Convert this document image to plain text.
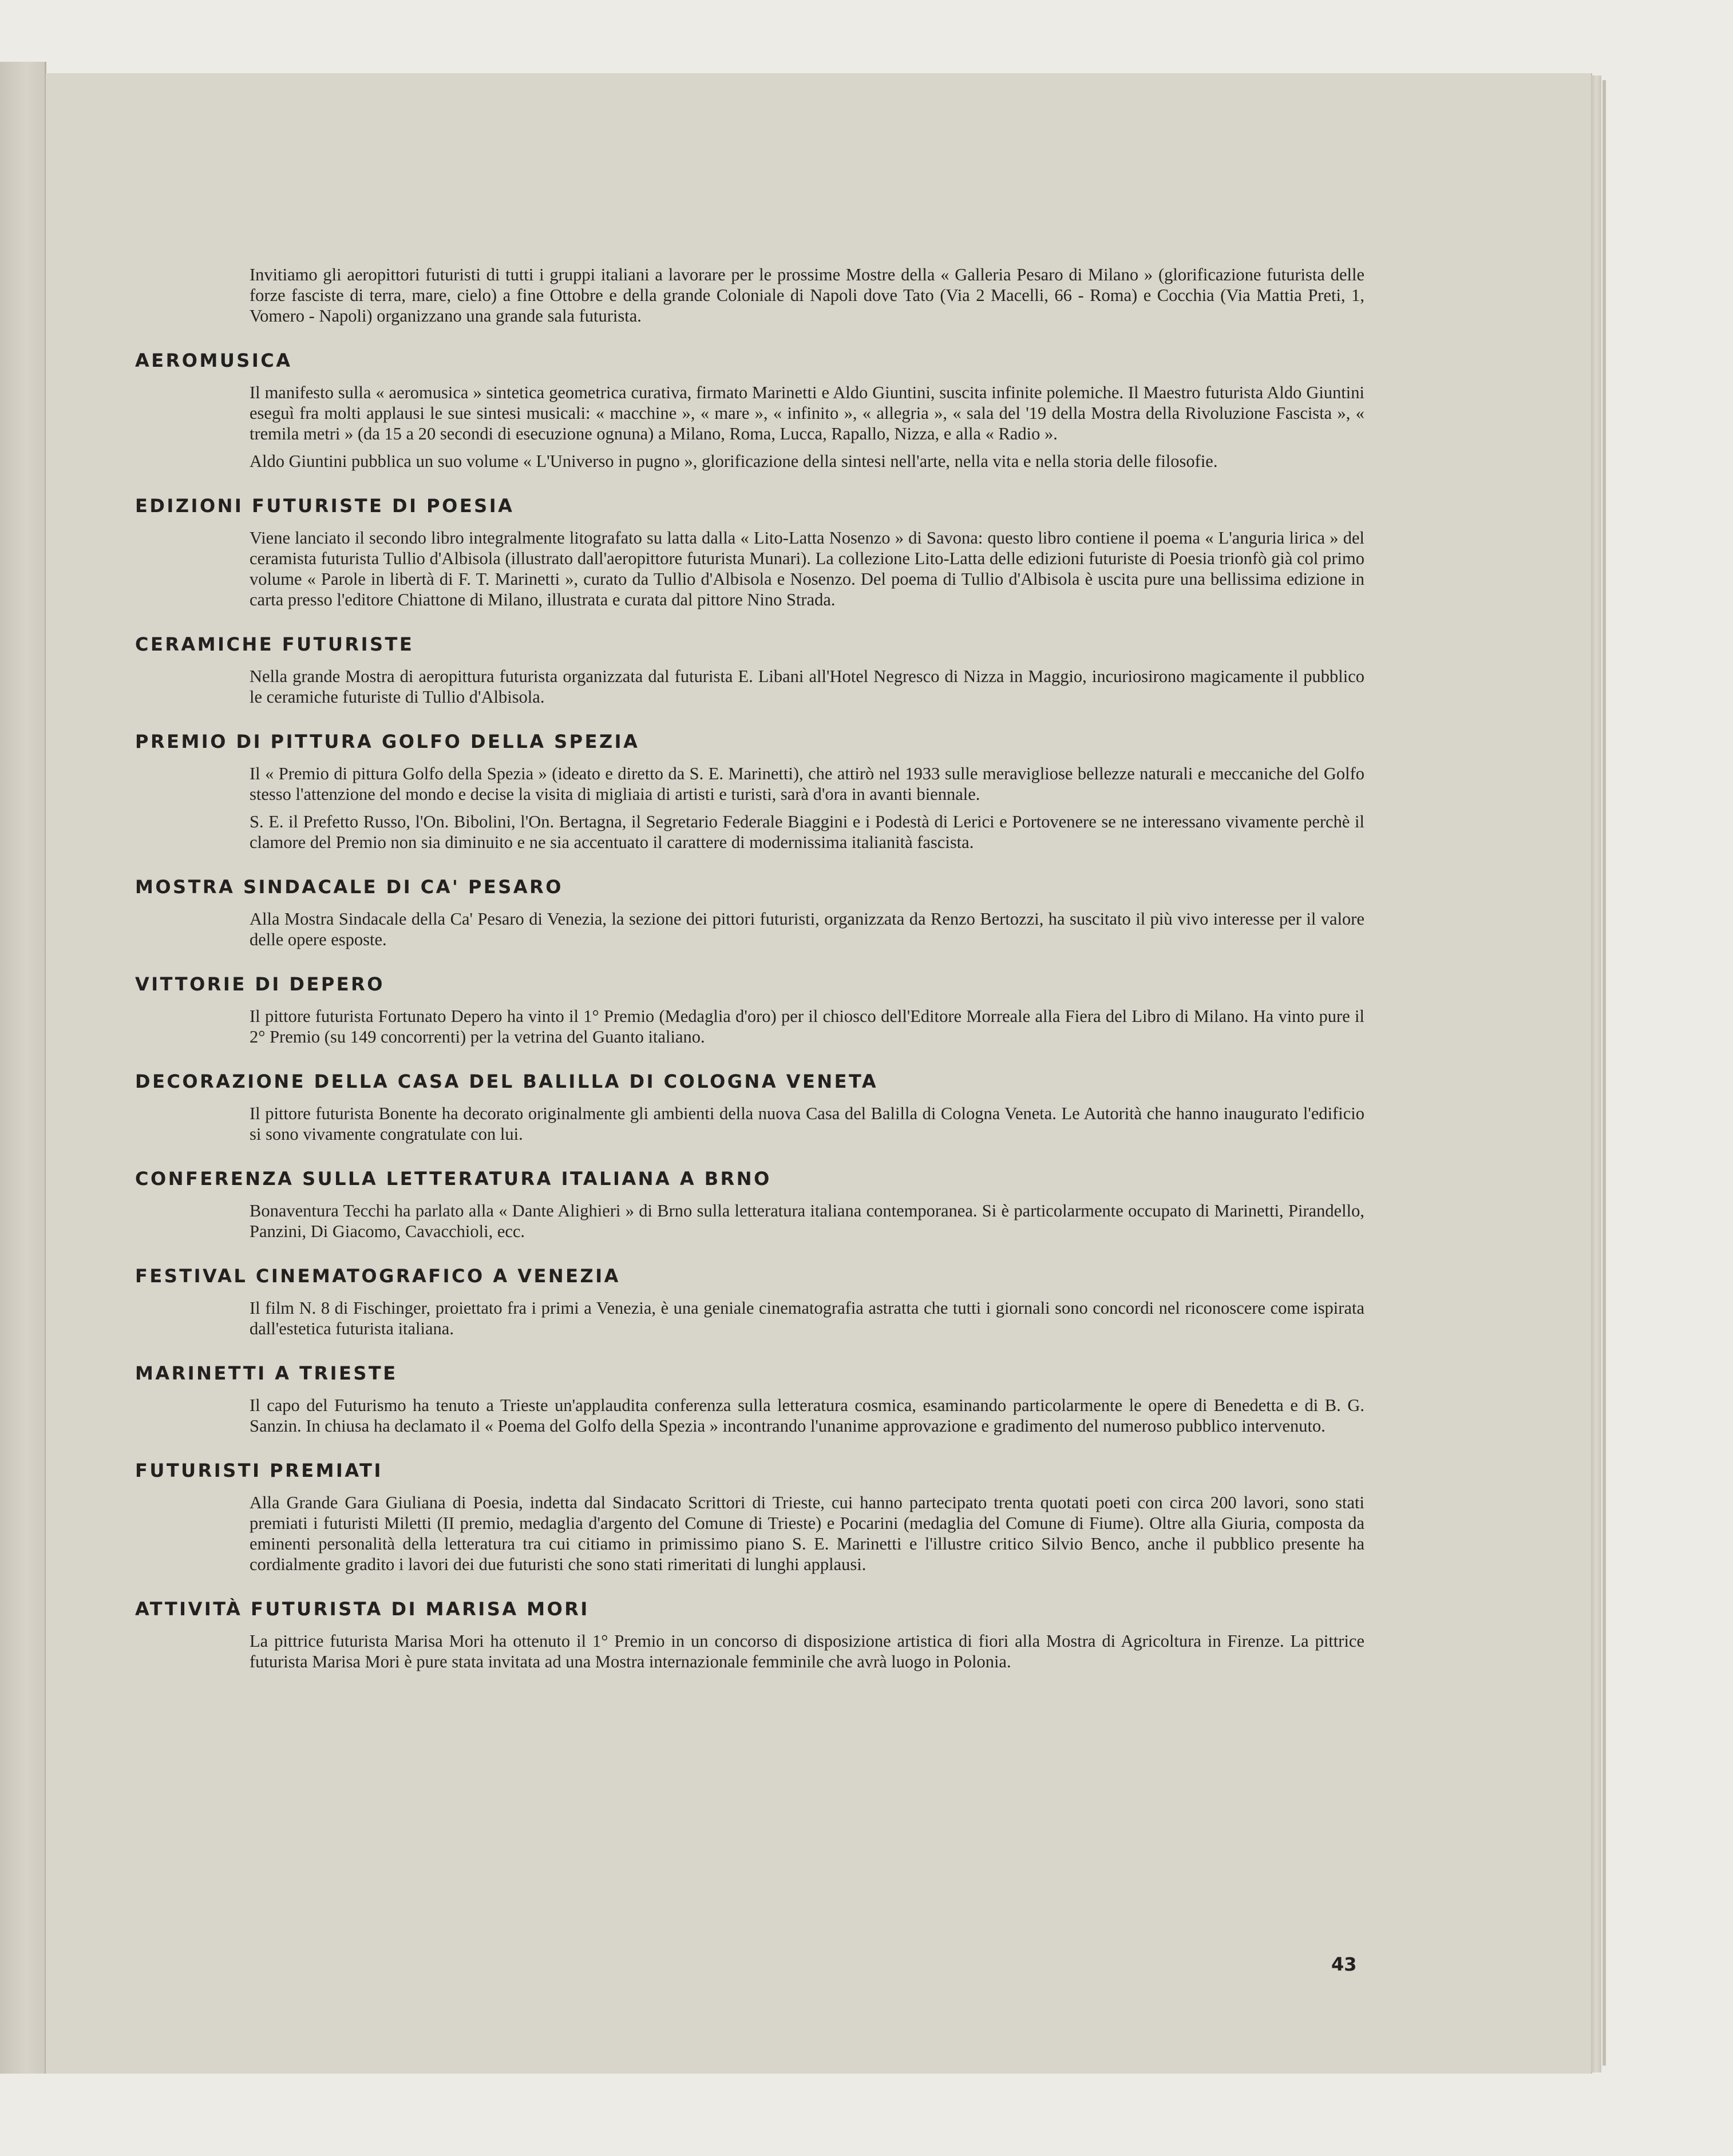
Invitiamo gli aeropittori futuristi di tutti i gruppi italiani a lavorare per le prossime Mostre della « Galleria Pesaro di Milano » (glorificazione futurista delle forze fasciste di terra, mare, cielo) a fine Ottobre e della grande Coloniale di Napoli dove Tato (Via 2 Macelli, 66 - Roma) e Cocchia (Via Mattia Preti, 1, Vomero - Napoli) organizzano una grande sala futurista.

AEROMUSICA

Il manifesto sulla « aeromusica » sintetica geometrica curativa, firmato Marinetti e Aldo Giuntini, suscita infinite polemiche. Il Maestro futurista Aldo Giuntini eseguì fra molti applausi le sue sintesi musicali: « macchine », « mare », « infinito », « allegria », « sala del '19 della Mostra della Rivoluzione Fascista », « tremila metri » (da 15 a 20 secondi di esecuzione ognuna) a Milano, Roma, Lucca, Rapallo, Nizza, e alla « Radio ».

Aldo Giuntini pubblica un suo volume « L'Universo in pugno », glorificazione della sintesi nell'arte, nella vita e nella storia delle filosofie.

EDIZIONI FUTURISTE DI POESIA

Viene lanciato il secondo libro integralmente litografato su latta dalla « Lito-Latta Nosenzo » di Savona: questo libro contiene il poema « L'anguria lirica » del ceramista futurista Tullio d'Albisola (illustrato dall'aeropittore futurista Munari). La collezione Lito-Latta delle edizioni futuriste di Poesia trionfò già col primo volume « Parole in libertà di F. T. Marinetti », curato da Tullio d'Albisola e Nosenzo. Del poema di Tullio d'Albisola è uscita pure una bellissima edizione in carta presso l'editore Chiattone di Milano, illustrata e curata dal pittore Nino Strada.

CERAMICHE FUTURISTE

Nella grande Mostra di aeropittura futurista organizzata dal futurista E. Libani all'Hotel Negresco di Nizza in Maggio, incuriosirono magicamente il pubblico le ceramiche futuriste di Tullio d'Albisola.

PREMIO DI PITTURA GOLFO DELLA SPEZIA

Il « Premio di pittura Golfo della Spezia » (ideato e diretto da S. E. Marinetti), che attirò nel 1933 sulle meravigliose bellezze naturali e meccaniche del Golfo stesso l'attenzione del mondo e decise la visita di migliaia di artisti e turisti, sarà d'ora in avanti biennale.

S. E. il Prefetto Russo, l'On. Bibolini, l'On. Bertagna, il Segretario Federale Biaggini e i Podestà di Lerici e Portovenere se ne interessano vivamente perchè il clamore del Premio non sia diminuito e ne sia accentuato il carattere di modernissima italianità fascista.

MOSTRA SINDACALE DI CA' PESARO

Alla Mostra Sindacale della Ca' Pesaro di Venezia, la sezione dei pittori futuristi, organizzata da Renzo Bertozzi, ha suscitato il più vivo interesse per il valore delle opere esposte.

VITTORIE DI DEPERO

Il pittore futurista Fortunato Depero ha vinto il 1° Premio (Medaglia d'oro) per il chiosco dell'Editore Morreale alla Fiera del Libro di Milano. Ha vinto pure il 2° Premio (su 149 concorrenti) per la vetrina del Guanto italiano.

DECORAZIONE DELLA CASA DEL BALILLA DI COLOGNA VENETA

Il pittore futurista Bonente ha decorato originalmente gli ambienti della nuova Casa del Balilla di Cologna Veneta. Le Autorità che hanno inaugurato l'edificio si sono vivamente congratulate con lui.

CONFERENZA SULLA LETTERATURA ITALIANA A BRNO

Bonaventura Tecchi ha parlato alla « Dante Alighieri » di Brno sulla letteratura italiana contemporanea. Si è particolarmente occupato di Marinetti, Pirandello, Panzini, Di Giacomo, Cavacchioli, ecc.

FESTIVAL CINEMATOGRAFICO A VENEZIA

Il film N. 8 di Fischinger, proiettato fra i primi a Venezia, è una geniale cinematografia astratta che tutti i giornali sono concordi nel riconoscere come ispirata dall'estetica futurista italiana.

MARINETTI A TRIESTE

Il capo del Futurismo ha tenuto a Trieste un'applaudita conferenza sulla letteratura cosmica, esaminando particolarmente le opere di Benedetta e di B. G. Sanzin. In chiusa ha declamato il « Poema del Golfo della Spezia » incontrando l'unanime approvazione e gradimento del numeroso pubblico intervenuto.

FUTURISTI PREMIATI

Alla Grande Gara Giuliana di Poesia, indetta dal Sindacato Scrittori di Trieste, cui hanno partecipato trenta quotati poeti con circa 200 lavori, sono stati premiati i futuristi Miletti (II premio, medaglia d'argento del Comune di Trieste) e Pocarini (medaglia del Comune di Fiume). Oltre alla Giuria, composta da eminenti personalità della letteratura tra cui citiamo in primissimo piano S. E. Marinetti e l'illustre critico Silvio Benco, anche il pubblico presente ha cordialmente gradito i lavori dei due futuristi che sono stati rimeritati di lunghi applausi.

ATTIVITÀ FUTURISTA DI MARISA MORI

La pittrice futurista Marisa Mori ha ottenuto il 1° Premio in un concorso di disposizione artistica di fiori alla Mostra di Agricoltura in Firenze. La pittrice futurista Marisa Mori è pure stata invitata ad una Mostra internazionale femminile che avrà luogo in Polonia.

43
